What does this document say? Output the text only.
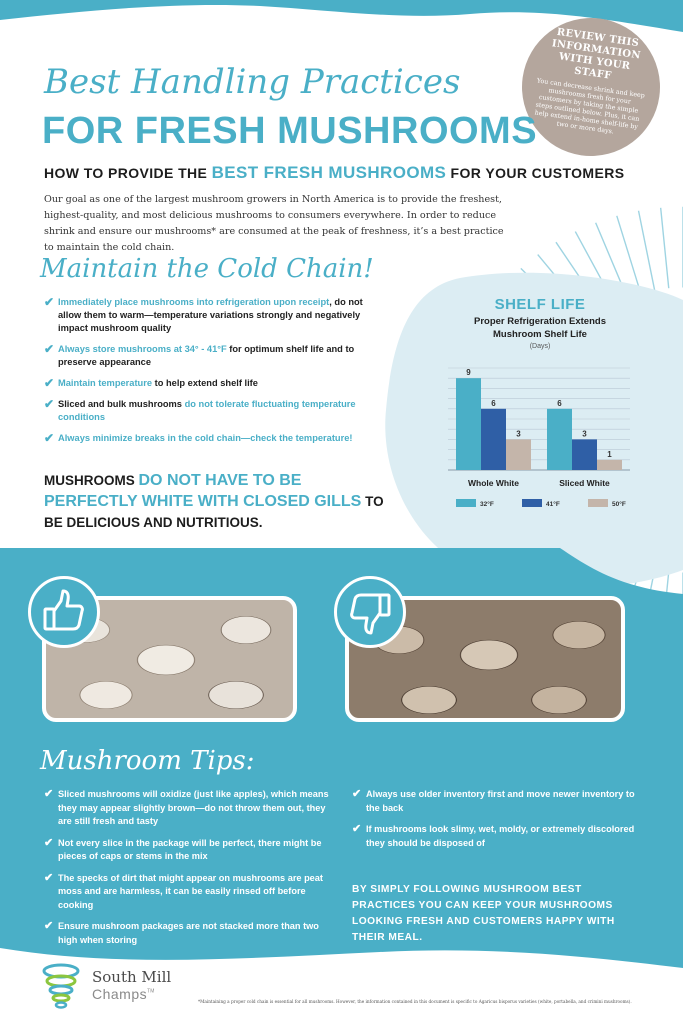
REVIEW THIS INFORMATION WITH YOUR STAFF
You can decrease shrink and keep mushrooms fresh for your customers by taking the simple steps outlined below. Plus, it can help extend in-home shelf-life by two or more days.
Best Handling Practices
FOR FRESH MUSHROOMS
HOW TO PROVIDE THE BEST FRESH MUSHROOMS FOR YOUR CUSTOMERS
Our goal as one of the largest mushroom growers in North America is to provide the freshest, highest-quality, and most delicious mushrooms to consumers everywhere. In order to reduce shrink and ensure our mushrooms* are consumed at the peak of freshness, it’s a best practice to maintain the cold chain.
Maintain the Cold Chain!
✔ Immediately place mushrooms into refrigeration upon receipt, do not allow them to warm—temperature variations strongly and negatively impact mushroom quality
✔ Always store mushrooms at 34° - 41°F for optimum shelf life and to preserve appearance
✔ Maintain temperature to help extend shelf life
✔ Sliced and bulk mushrooms do not tolerate fluctuating temperature conditions
✔ Always minimize breaks in the cold chain—check the temperature!
MUSHROOMS DO NOT HAVE TO BE PERFECTLY WHITE WITH CLOSED GILLS TO BE DELICIOUS AND NUTRITIOUS.
SHELF LIFE
Proper Refrigeration Extends Mushroom Shelf Life
(Days)
9
6
3
Whole White
6
3
1
Sliced White
32°F	41°F	50°F
Mushroom Tips:
✔ Sliced mushrooms will oxidize (just like apples), which means they may appear slightly brown—do not throw them out, they are still fresh and tasty
✔ Not every slice in the package will be perfect, there might be pieces of caps or stems in the mix
✔ The specks of dirt that might appear on mushrooms are peat moss and are harmless, it can be easily rinsed off before cooking
✔ Ensure mushroom packages are not stacked more than two high when storing
✔ Always use older inventory first and move newer inventory to the back
✔ If mushrooms look slimy, wet, moldy, or extremely discolored they should be disposed of
BY SIMPLY FOLLOWING MUSHROOM BEST PRACTICES YOU CAN KEEP YOUR MUSHROOMS LOOKING FRESH AND CUSTOMERS HAPPY WITH THEIR MEAL.
South Mill
Champs™
*Maintaining a proper cold chain is essential for all mushrooms. However, the information contained in this document is specific to Agaricus bisporus varieties (white, portabella, and crimini mushrooms).
